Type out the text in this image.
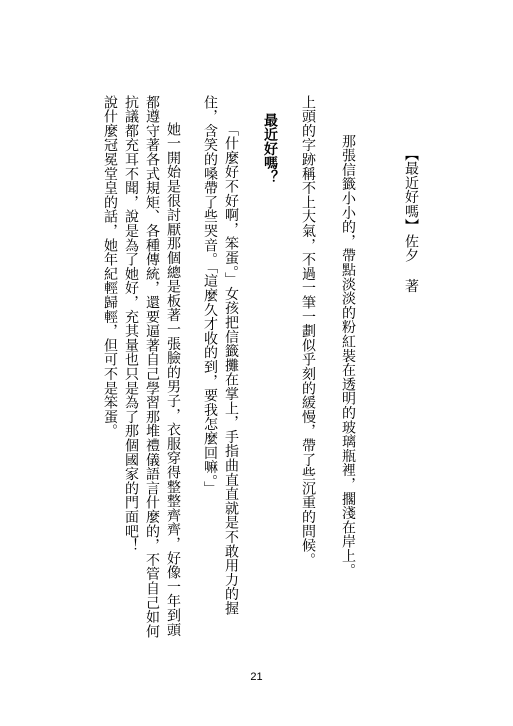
【最近好嗎】

佐夕 著

那張信籤小小的，帶點淡淡的粉紅裝在透明的玻璃瓶裡，擱淺在岸上。

上頭的字跡稱不上大氣，不過一筆一劃似乎刻的緩慢，帶了些沉重的問候。

最近好嗎？

「什麼好不好啊，笨蛋。」女孩把信籤攤在掌上，手指曲直直就是不敢用力的握

住，含笑的嗓帶了些哭音。「這麼久才收的到，要我怎麼回嘛。」

她一開始是很討厭那個總是板著一張臉的男子，衣服穿得整整齊齊，好像一年到頭

都遵守著各式規矩、各種傳統，還要逼著自己學習那堆禮儀語言什麼的，不管自己如何

抗議都充耳不聞，說是為了她好，充其量也只是為了那個國家的門面吧！

說什麼冠冕堂皇的話，她年紀輕歸輕，但可不是笨蛋。

21
